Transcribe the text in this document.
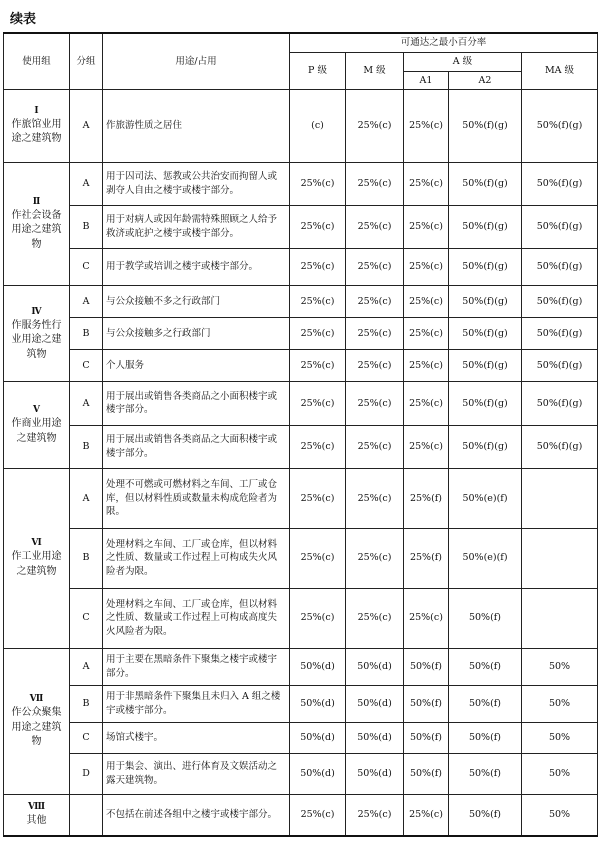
续表
使用组	分组	用途/占用	可通达之最小百分率				
			P 级	M 级	A 级		MA 级
					A1	A2	

Ⅰ
作旅馆业用途之建筑物	A	作旅游性质之居住	(c)	25%(c)	25%(c)	50%(f)(g)	50%(f)(g)

Ⅱ
作社会设备用途之建筑物	A	用于囚司法、惩教或公共治安而拘留人或剥夺人自由之楼宇或楼宇部分。	25%(c)	25%(c)	25%(c)	50%(f)(g)	50%(f)(g)
	B	用于对病人或因年龄需特殊照顾之人给予救济或庇护之楼宇或楼宇部分。	25%(c)	25%(c)	25%(c)	50%(f)(g)	50%(f)(g)
	C	用于教学或培训之楼宇或楼宇部分。	25%(c)	25%(c)	25%(c)	50%(f)(g)	50%(f)(g)

Ⅳ
作服务性行业用途之建筑物	A	与公众接触不多之行政部门	25%(c)	25%(c)	25%(c)	50%(f)(g)	50%(f)(g)
	B	与公众接触多之行政部门	25%(c)	25%(c)	25%(c)	50%(f)(g)	50%(f)(g)
	C	个人服务	25%(c)	25%(c)	25%(c)	50%(f)(g)	50%(f)(g)

Ⅴ
作商业用途之建筑物	A	用于展出或销售各类商品之小面积楼宇或楼宇部分。	25%(c)	25%(c)	25%(c)	50%(f)(g)	50%(f)(g)
	B	用于展出或销售各类商品之大面积楼宇或楼宇部分。	25%(c)	25%(c)	25%(c)	50%(f)(g)	50%(f)(g)

Ⅵ
作工业用途之建筑物	A	处理不可燃或可燃材料之车间、工厂或仓库，但以材料性质或数量未构成危险者为限。	25%(c)	25%(c)	25%(f)	50%(e)(f)	
	B	处理材料之车间、工厂或仓库，但以材料之性质、数量或工作过程上可构成失火风险者为限。	25%(c)	25%(c)	25%(f)	50%(e)(f)	
	C	处理材料之车间、工厂或仓库，但以材料之性质、数量或工作过程上可构成高度失火风险者为限。	25%(c)	25%(c)	25%(c)	50%(f)	

Ⅶ
作公众聚集用途之建筑物	A	用于主要在黑暗条件下聚集之楼宇或楼宇部分。	50%(d)	50%(d)	50%(f)	50%(f)	50%
	B	用于非黑暗条件下聚集且未归入 A 组之楼宇或楼宇部分。	50%(d)	50%(d)	50%(f)	50%(f)	50%
	C	场馆式楼宇。	50%(d)	50%(d)	50%(f)	50%(f)	50%
	D	用于集会、演出、进行体育及文娱活动之露天建筑物。	50%(d)	50%(d)	50%(f)	50%(f)	50%

Ⅷ
其他		不包括在前述各组中之楼宇或楼宇部分。	25%(c)	25%(c)	25%(c)	50%(f)	50%
